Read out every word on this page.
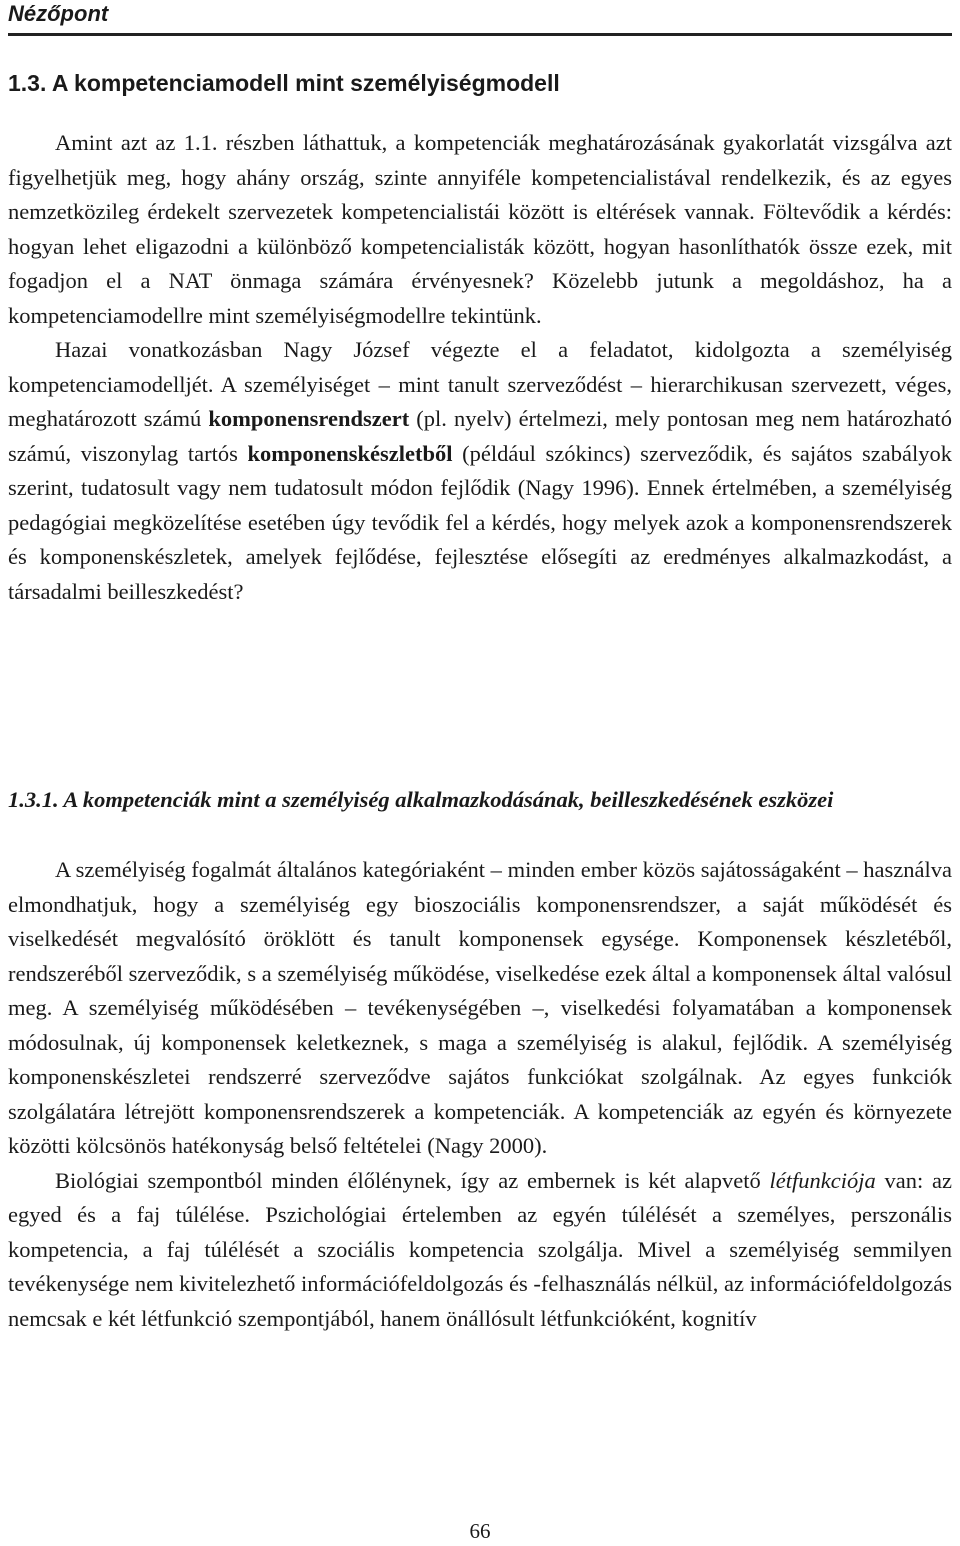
Nézőpont
1.3. A kompetenciamodell mint személyiségmodell

Amint azt az 1.1. részben láthattuk, a kompetenciák meghatározásának gyakorlatát vizsgálva azt figyelhetjük meg, hogy ahány ország, szinte annyiféle kompetencialistával rendelkezik, és az egyes nemzetközileg érdekelt szervezetek kompetencialistái között is eltérések vannak. Föltevődik a kérdés: hogyan lehet eligazodni a különböző kompetencialisták között, hogyan hasonlíthatók össze ezek, mit fogadjon el a NAT önmaga számára érvényesnek? Közelebb jutunk a megoldáshoz, ha a kompetenciamodellre mint személyiségmodellre tekintünk.

Hazai vonatkozásban Nagy József végezte el a feladatot, kidolgozta a személyiség kompetenciamodelljét. A személyiséget – mint tanult szerveződést – hierarchikusan szervezett, véges, meghatározott számú komponensrendszert (pl. nyelv) értelmezi, mely pontosan meg nem határozható számú, viszonylag tartós komponenskészletből (például szókincs) szerveződik, és sajátos szabályok szerint, tudatosult vagy nem tudatosult módon fejlődik (Nagy 1996). Ennek értelmében, a személyiség pedagógiai megközelítése esetében úgy tevődik fel a kérdés, hogy melyek azok a komponensrendszerek és komponenskészletek, amelyek fejlődése, fejlesztése elősegíti az eredményes alkalmazkodást, a társadalmi beilleszkedést?

1.3.1. A kompetenciák mint a személyiség alkalmazkodásának, beilleszkedésének eszközei

A személyiség fogalmát általános kategóriaként – minden ember közös sajátosságaként – használva elmondhatjuk, hogy a személyiség egy bioszociális komponensrendszer, a saját működését és viselkedését megvalósító öröklött és tanult komponensek egysége. Komponensek készletéből, rendszeréből szerveződik, s a személyiség működése, viselkedése ezek által a komponensek által valósul meg. A személyiség működésében – tevékenységében –, viselkedési folyamatában a komponensek módosulnak, új komponensek keletkeznek, s maga a személyiség is alakul, fejlődik. A személyiség komponenskészletei rendszerré szerveződve sajátos funkciókat szolgálnak. Az egyes funkciók szolgálatára létrejött komponensrendszerek a kompetenciák. A kompetenciák az egyén és környezete közötti kölcsönös hatékonyság belső feltételei (Nagy 2000).

Biológiai szempontból minden élőlénynek, így az embernek is két alapvető létfunkciója van: az egyed és a faj túlélése. Pszichológiai értelemben az egyén túlélését a személyes, perszonális kompetencia, a faj túlélését a szociális kompetencia szolgálja. Mivel a személyiség semmilyen tevékenysége nem kivitelezhető információfeldolgozás és -felhasználás nélkül, az információfeldolgozás nemcsak e két létfunkció szempontjából, hanem önállósult létfunkcióként, kognitív

66
